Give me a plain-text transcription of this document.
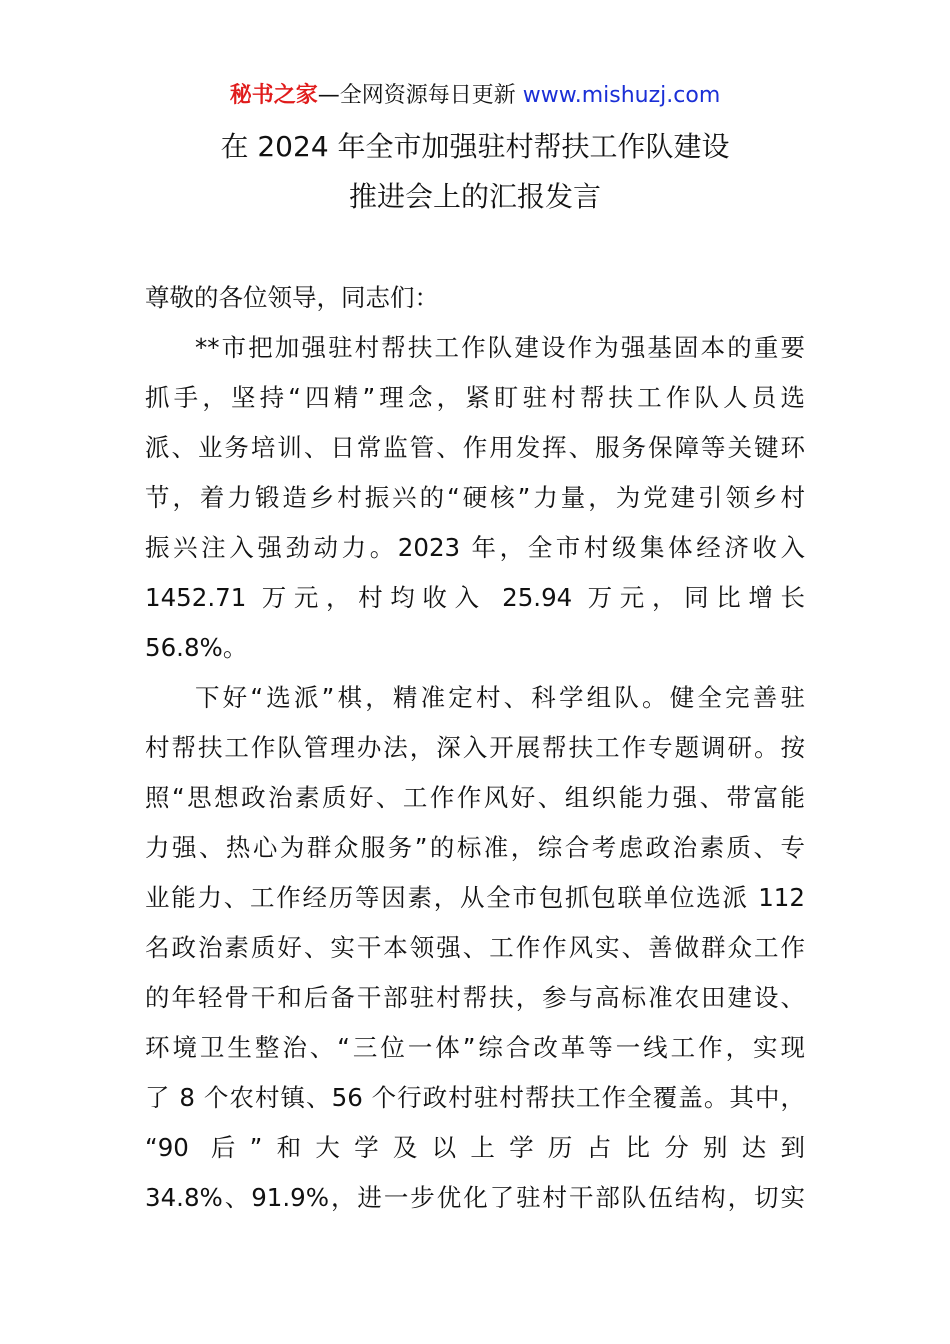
秘书之家—全网资源每日更新 www.mishuzj.com
在 2024 年全市加强驻村帮扶工作队建设
推进会上的汇报发言
尊敬的各位领导，同志们：
**市把加强驻村帮扶工作队建设作为强基固本的重要
抓手，坚持“四精”理念，紧盯驻村帮扶工作队人员选
派、业务培训、日常监管、作用发挥、服务保障等关键环
节，着力锻造乡村振兴的“硬核”力量，为党建引领乡村
振兴注入强劲动力。2023 年，全市村级集体经济收入
1452.71 万元，村均收入 25.94 万元，同比增长
56.8%。
下好“选派”棋，精准定村、科学组队。健全完善驻
村帮扶工作队管理办法，深入开展帮扶工作专题调研。按
照“思想政治素质好、工作作风好、组织能力强、带富能
力强、热心为群众服务”的标准，综合考虑政治素质、专
业能力、工作经历等因素，从全市包抓包联单位选派 112
名政治素质好、实干本领强、工作作风实、善做群众工作
的年轻骨干和后备干部驻村帮扶，参与高标准农田建设、
环境卫生整治、“三位一体”综合改革等一线工作，实现
了 8 个农村镇、56 个行政村驻村帮扶工作全覆盖。其中，
“90 后”和大学及以上学历占比分别达到
34.8%、91.9%，进一步优化了驻村干部队伍结构，切实
